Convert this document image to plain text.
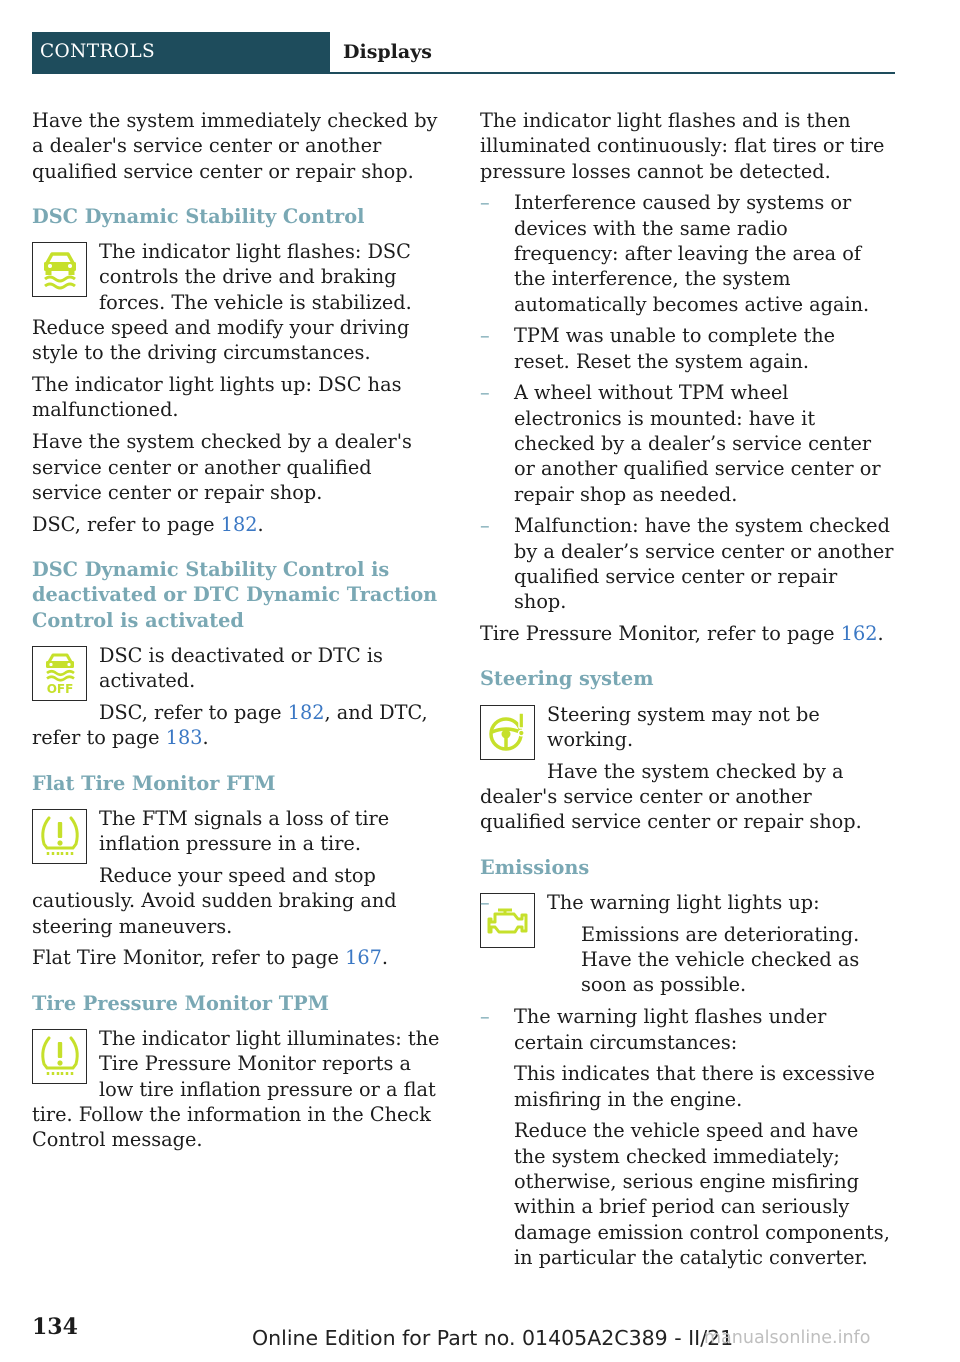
CONTROLS	Displays

Have the system immediately checked by a dealer's service center or another qualified service center or repair shop.

DSC Dynamic Stability Control

The indicator light flashes: DSC controls the drive and braking forces. The vehicle is stabilized. Reduce speed and modify your driving style to the driving circumstances.

The indicator light lights up: DSC has malfunctioned.

Have the system checked by a dealer's service center or another qualified service center or repair shop.

DSC, refer to page 182.

DSC Dynamic Stability Control is deactivated or DTC Dynamic Traction Control is activated
OFF

DSC is deactivated or DTC is activated.

DSC, refer to page 182, and DTC, refer to page 183.

Flat Tire Monitor FTM

The FTM signals a loss of tire inflation pressure in a tire.

Reduce your speed and stop cautiously. Avoid sudden braking and steering maneuvers.

Flat Tire Monitor, refer to page 167.

Tire Pressure Monitor TPM

The indicator light illuminates: the Tire Pressure Monitor reports a low tire inflation pressure or a flat tire. Follow the information in the Check Control message.

The indicator light flashes and is then illuminated continuously: flat tires or tire pressure losses cannot be detected.

– Interference caused by systems or devices with the same radio frequency: after leaving the area of the interference, the system automatically becomes active again.
– TPM was unable to complete the reset. Reset the system again.
– A wheel without TPM wheel electronics is mounted: have it checked by a dealer’s service center or another qualified service center or repair shop as needed.
– Malfunction: have the system checked by a dealer’s service center or another qualified service center or repair shop.

Tire Pressure Monitor, refer to page 162.

Steering system

Steering system may not be working.

Have the system checked by a dealer's service center or another qualified service center or repair shop.

Emissions
–	The warning light lights up:

Emissions are deteriorating. Have the vehicle checked as soon as possible.

– The warning light flashes under certain circumstances:

This indicates that there is excessive misfiring in the engine.

Reduce the vehicle speed and have the system checked immediately; otherwise, serious engine misfiring within a brief period can seriously damage emission control components, in particular the catalytic converter.

134	Online Edition for Part no. 01405A2C389 - II/21
manualsonline.info
